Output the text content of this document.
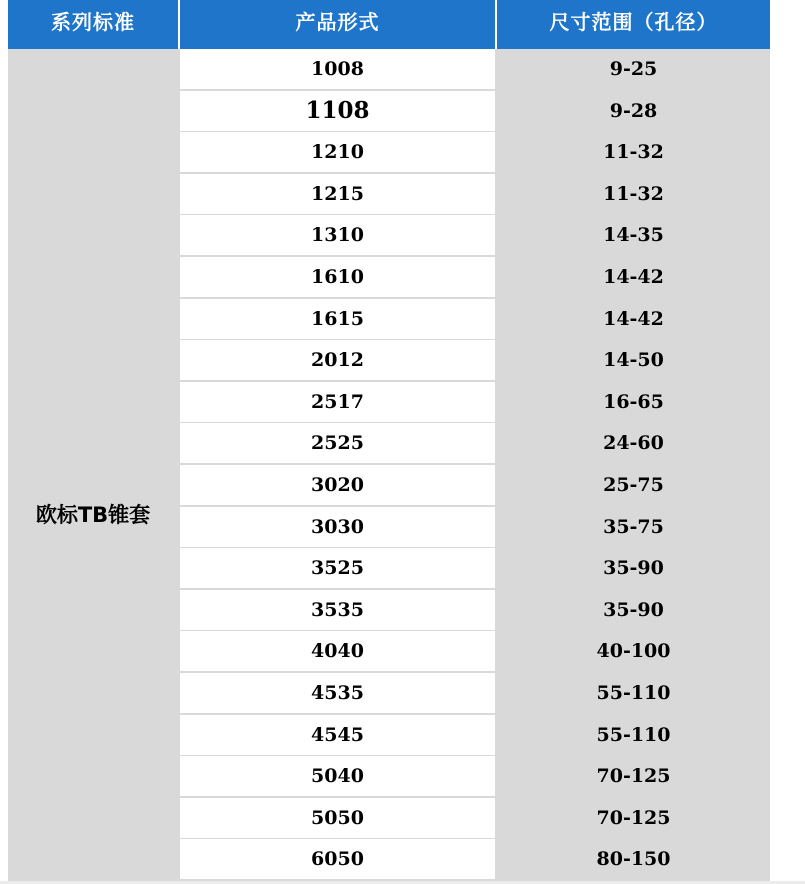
系列标准	产品形式	尺寸范围（孔径）
欧标TB锥套
1008
1108
1210
1215
1310
1610
1615
2012
2517
2525
3020
3030
3525
3535
4040
4535
4545
5040
5050
6050
9-25
9-28
11-32
11-32
14-35
14-42
14-42
14-50
16-65
24-60
25-75
35-75
35-90
35-90
40-100
55-110
55-110
70-125
70-125
80-150
